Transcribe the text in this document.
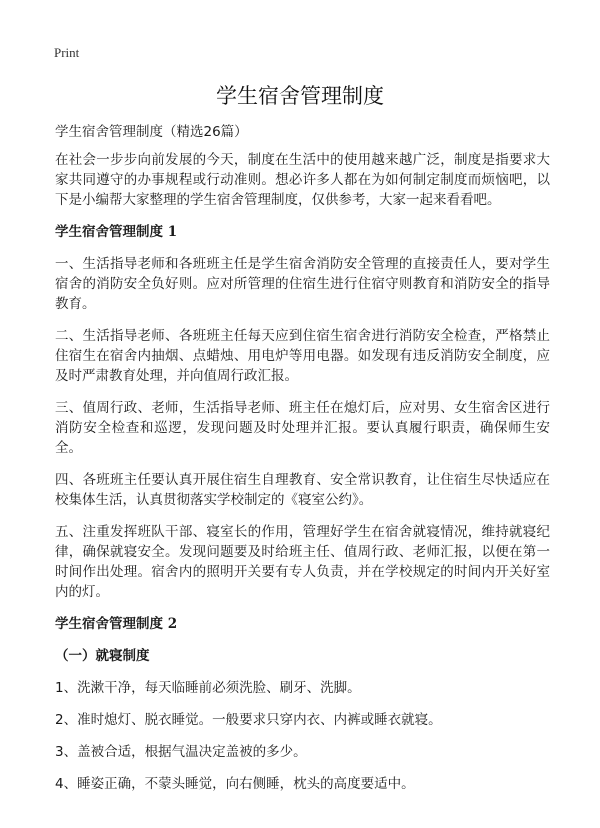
Print
学生宿舍管理制度

学生宿舍管理制度（精选26篇）

在社会一步步向前发展的今天，制度在生活中的使用越来越广泛，制度是指要求大家共同遵守的办事规程或行动准则。想必许多人都在为如何制定制度而烦恼吧，以下是小编帮大家整理的学生宿舍管理制度，仅供参考，大家一起来看看吧。

学生宿舍管理制度 1

一、生活指导老师和各班班主任是学生宿舍消防安全管理的直接责任人，要对学生宿舍的消防安全负好则。应对所管理的住宿生进行住宿守则教育和消防安全的指导教育。

二、生活指导老师、各班班主任每天应到住宿生宿舍进行消防安全检查，严格禁止住宿生在宿舍内抽烟、点蜡烛、用电炉等用电器。如发现有违反消防安全制度，应及时严肃教育处理，并向值周行政汇报。

三、值周行政、老师，生活指导老师、班主任在熄灯后，应对男、女生宿舍区进行消防安全检查和巡逻，发现问题及时处理并汇报。要认真履行职责，确保师生安全。

四、各班班主任要认真开展住宿生自理教育、安全常识教育，让住宿生尽快适应在校集体生活，认真贯彻落实学校制定的《寝室公约》。

五、注重发挥班队干部、寝室长的作用，管理好学生在宿舍就寝情况，维持就寝纪律，确保就寝安全。发现问题要及时给班主任、值周行政、老师汇报，以便在第一时间作出处理。宿舍内的照明开关要有专人负责，并在学校规定的时间内开关好室内的灯。

学生宿舍管理制度 2
（一）就寝制度

1、洗漱干净，每天临睡前必须洗脸、刷牙、洗脚。

2、准时熄灯、脱衣睡觉。一般要求只穿内衣、内裤或睡衣就寝。

3、盖被合适，根据气温决定盖被的多少。

4、睡姿正确，不蒙头睡觉，向右侧睡，枕头的高度要适中。
